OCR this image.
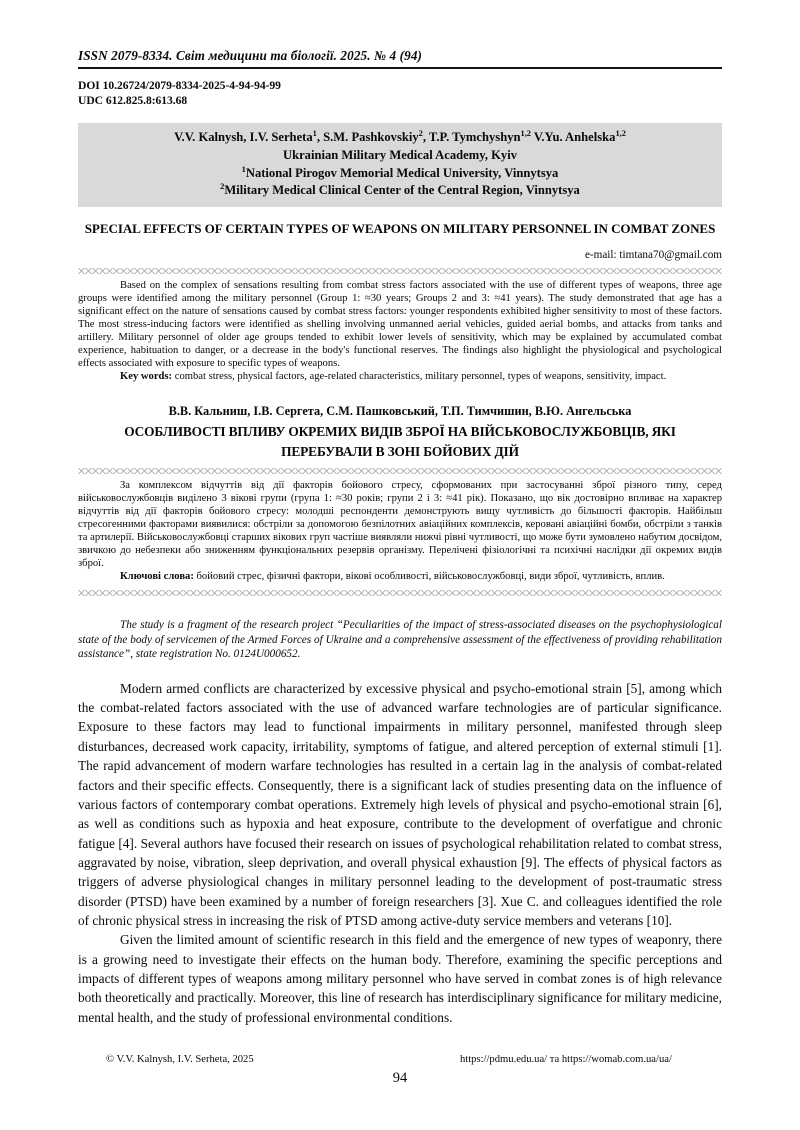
ISSN 2079-8334. Світ медицини та біології. 2025. № 4 (94)
DOI 10.26724/2079-8334-2025-4-94-94-99
UDC 612.825.8:613.68
V.V. Kalnysh, I.V. Serheta$^1$, S.M. Pashkovskiy$^2$, T.P. Tymchyshyn$^{1,2}$ V.Yu. Anhelska$^{1,2}$
Ukrainian Military Medical Academy, Kyiv
$^1$National Pirogov Memorial Medical University, Vinnytsya
$^2$Military Medical Clinical Center of the Central Region, Vinnytsya
SPECIAL EFFECTS OF CERTAIN TYPES OF WEAPONS ON MILITARY PERSONNEL IN COMBAT ZONES
e-mail: timtana70@gmail.com

Based on the complex of sensations resulting from combat stress factors associated with the use of different types of weapons, three age groups were identified among the military personnel (Group 1: ≈30 years; Groups 2 and 3: ≈41 years). The study demonstrated that age has a significant effect on the nature of sensations caused by combat stress factors: younger respondents exhibited higher sensitivity to most of these factors. The most stress-inducing factors were identified as shelling involving unmanned aerial vehicles, guided aerial bombs, and attacks from tanks and artillery. Military personnel of older age groups tended to exhibit lower levels of sensitivity, which may be explained by accumulated combat experience, habituation to danger, or a decrease in the body's functional reserves. The findings also highlight the physiological and psychological effects associated with exposure to specific types of weapons.

Key words: combat stress, physical factors, age-related characteristics, military personnel, types of weapons, sensitivity, impact.

В.В. Кальниш, І.В. Сергета, С.М. Пашковський, Т.П. Тимчишин, В.Ю. Ангельська
ОСОБЛИВОСТІ ВПЛИВУ ОКРЕМИХ ВИДІВ ЗБРОЇ НА ВІЙСЬКОВОСЛУЖБОВЦІВ, ЯКІ ПЕРЕБУВАЛИ В ЗОНІ БОЙОВИХ ДІЙ

За комплексом відчуттів від дії факторів бойового стресу, сформованих при застосуванні зброї різного типу, серед військовослужбовців виділено 3 вікові групи (група 1: ≈30 років; групи 2 і 3: ≈41 рік). Показано, що вік достовірно впливає на характер відчуттів від дії факторів бойового стресу: молодші респонденти демонструють вищу чутливість до більшості факторів. Найбільш стресогенними факторами виявилися: обстріли за допомогою безпілотних авіаційних комплексів, керовані авіаційні бомби, обстріли з танків та артилерії. Військовослужбовці старших вікових груп частіше виявляли нижчі рівні чутливості, що може бути зумовлено набутим досвідом, звичкою до небезпеки або зниженням функціональних резервів організму. Перелічені фізіологічні та психічні наслідки дії окремих видів зброї.

Ключові слова: бойовий стрес, фізичні фактори, вікові особливості, військовослужбовці, види зброї, чутливість, вплив.

The study is a fragment of the research project “Peculiarities of the impact of stress-associated diseases on the psychophysiological state of the body of servicemen of the Armed Forces of Ukraine and a comprehensive assessment of the effectiveness of providing rehabilitation assistance”, state registration No. 0124U000652.

Modern armed conflicts are characterized by excessive physical and psycho-emotional strain [5], among which the combat-related factors associated with the use of advanced warfare technologies are of particular significance. Exposure to these factors may lead to functional impairments in military personnel, manifested through sleep disturbances, decreased work capacity, irritability, symptoms of fatigue, and altered perception of external stimuli [1]. The rapid advancement of modern warfare technologies has resulted in a certain lag in the analysis of combat-related factors and their specific effects. Consequently, there is a significant lack of studies presenting data on the influence of various factors of contemporary combat operations. Extremely high levels of physical and psycho-emotional strain [6], as well as conditions such as hypoxia and heat exposure, contribute to the development of overfatigue and chronic fatigue [4]. Several authors have focused their research on issues of psychological rehabilitation related to combat stress, aggravated by noise, vibration, sleep deprivation, and overall physical exhaustion [9]. The effects of physical factors as triggers of adverse physiological changes in military personnel leading to the development of post-traumatic stress disorder (PTSD) have been examined by a number of foreign researchers [3]. Xue C. and colleagues identified the role of chronic physical stress in increasing the risk of PTSD among active-duty service members and veterans [10].

Given the limited amount of scientific research in this field and the emergence of new types of weaponry, there is a growing need to investigate their effects on the human body. Therefore, examining the specific perceptions and impacts of different types of weapons among military personnel who have served in combat zones is of high relevance both theoretically and practically. Moreover, this line of research has interdisciplinary significance for military medicine, mental health, and the study of professional environmental conditions.

© V.V. Kalnysh, I.V. Serheta, 2025	https://pdmu.edu.ua/ та https://womab.com.ua/ua/
94
